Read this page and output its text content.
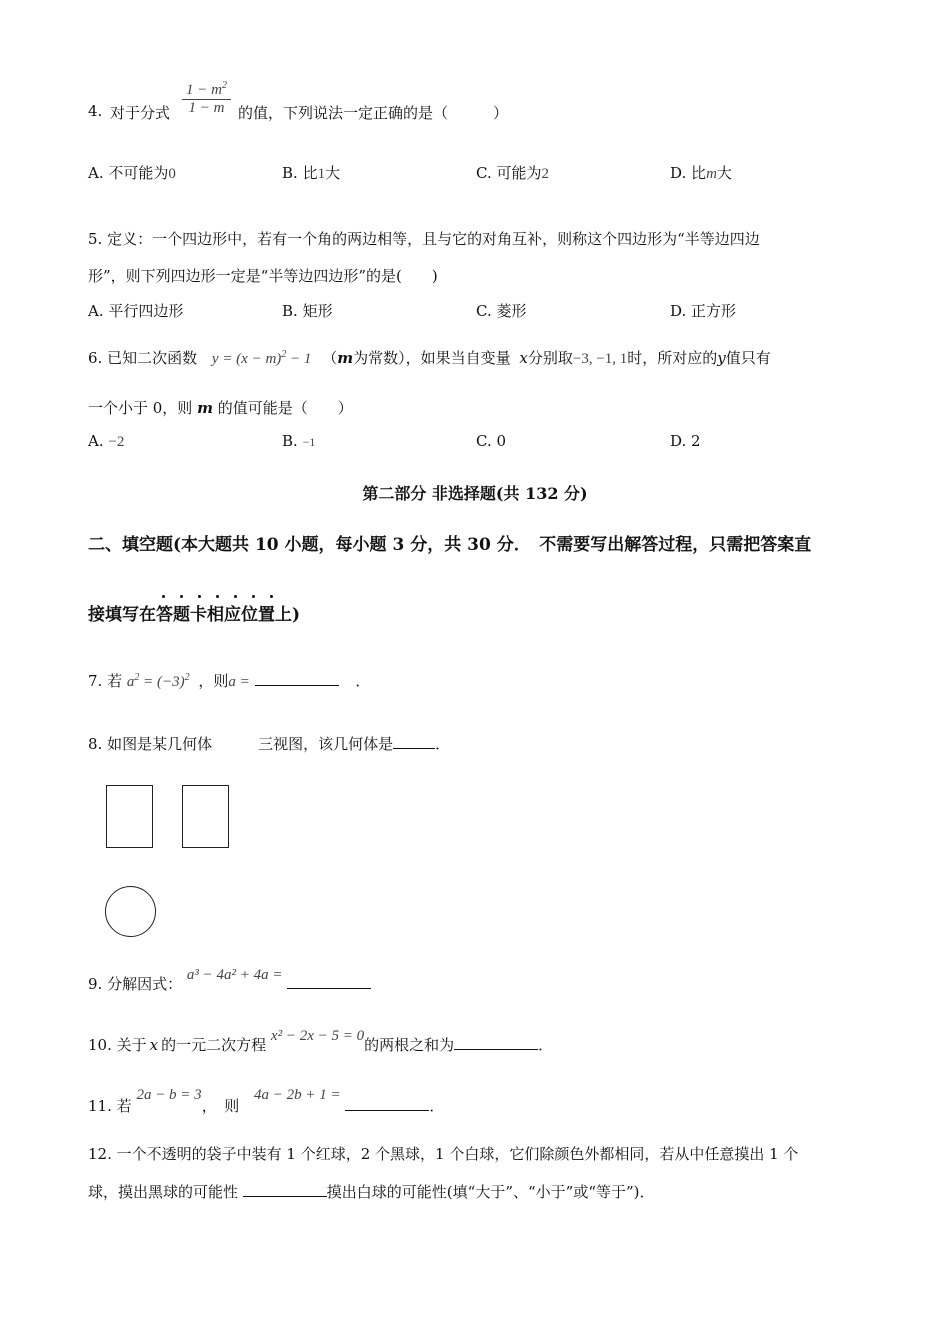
4. 对于分式 $\frac{1 - m^2}{1 - m}$ 的值，下列说法一定正确的是（　　　）
A. 不可能为0	B. 比1大	C. 可能为2	D. 比m大
5. 定义：一个四边形中，若有一个角的两边相等，且与它的对角互补，则称这个四边形为“半等边四边
形”，则下列四边形一定是“半等边四边形”的是(　　)
A. 平行四边形	B. 矩形	C. 菱形	D. 正方形
6. 已知二次函数 $y = (x - m)^2 - 1$ （m为常数），如果当自变量 x分别取−3, −1, 1时，所对应的y值只有
一个小于 0，则 m 的值可能是（　　）
A. −2	B. −1	C. 0	D. 2
第二部分 非选择题(共 132 分)
二、填空题(本大题共 10 小题，每小题 3 分，共 30 分．　不需要写出解答过程，只需把答案直
接填写在答题卡相应位置
上)
7. 若 $a^2 = (-3)^2$ ，则a =	．
8. 如图是某几何体	三视图，该几何体是	．
9. 分解因式： a³ − 4a² + 4a =
10. 关于 x 的一元二次方程 x² − 2x − 5 = 0的两根之和为	．
11. 若 2a − b = 3，　则 4a − 2b + 1 = ．
12. 一个不透明的袋子中装有 1 个红球，2 个黑球，1 个白球，它们除颜色外都相同，若从中任意摸出 1 个
球，摸出黑球的可能性	摸出白球的可能性(填“大于”、“小于”或“等于”)．
